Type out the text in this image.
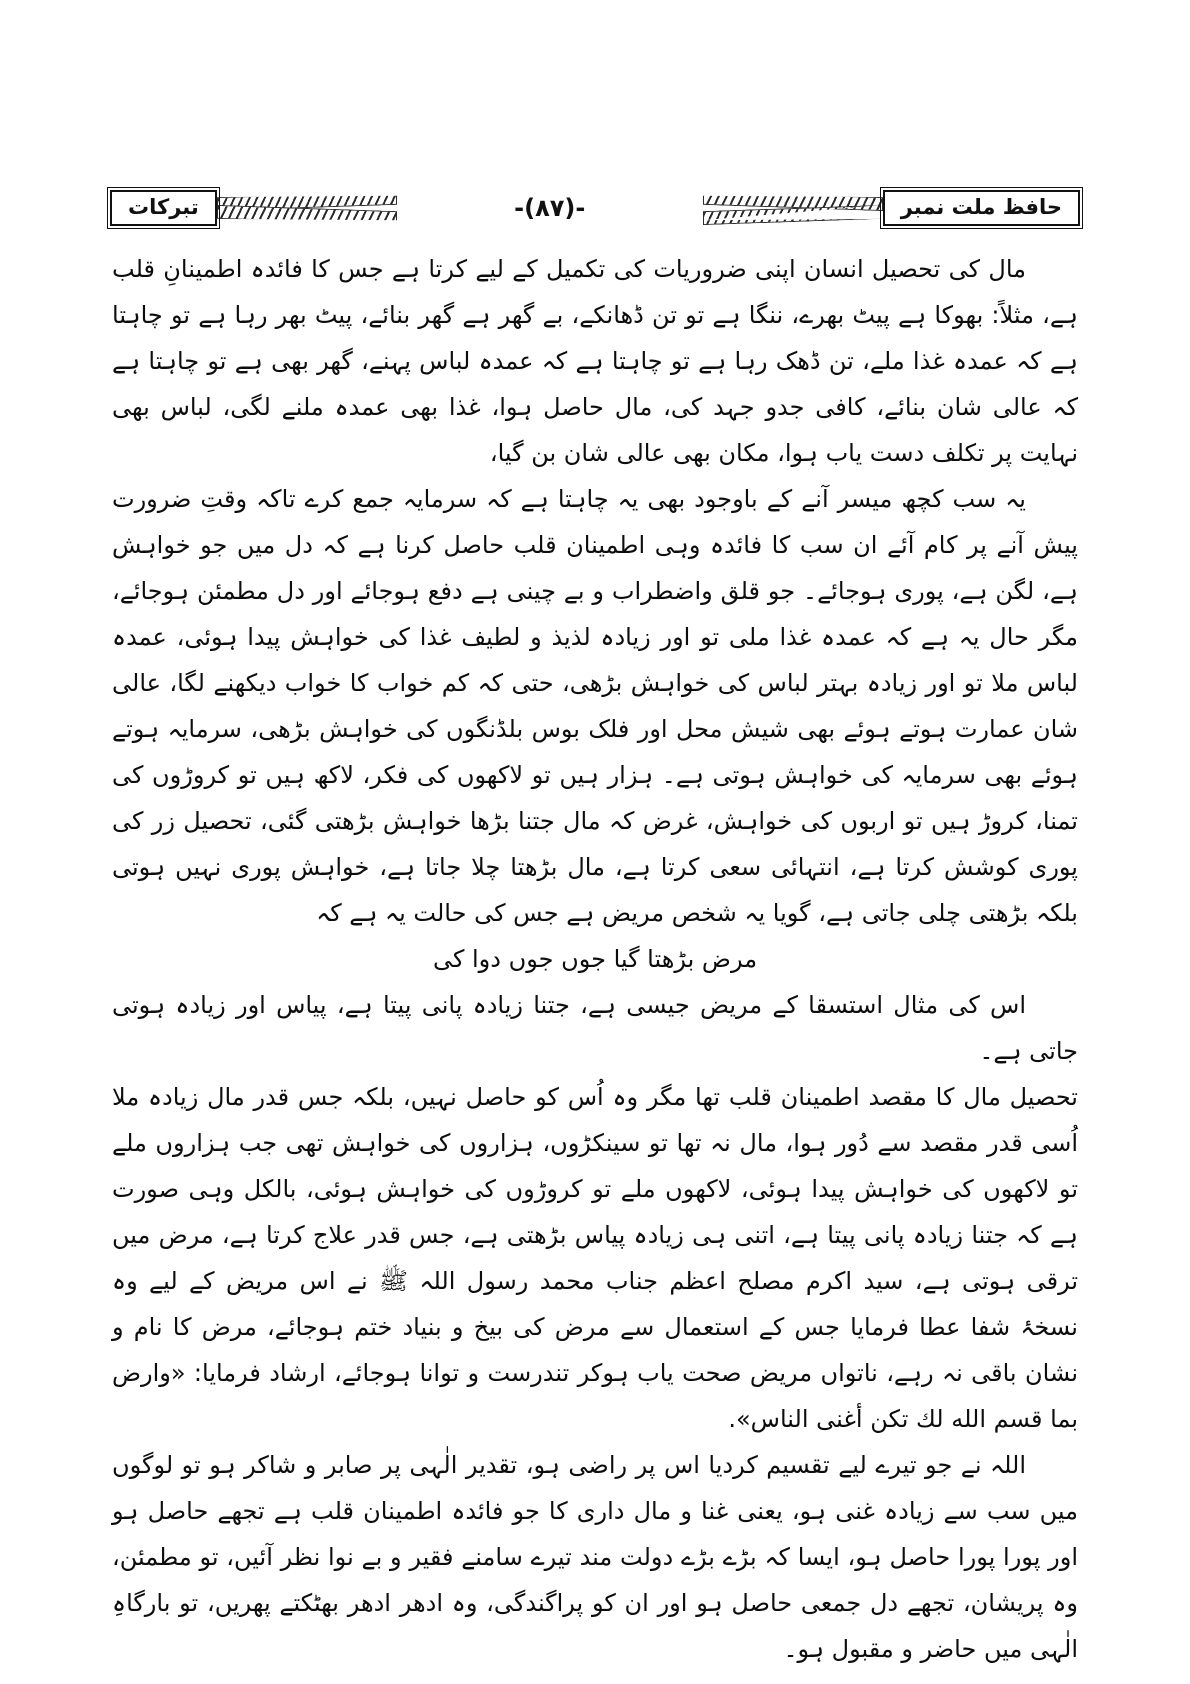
حافظ ملت نمبر
-(۸۷)-
تبرکات

مال کی تحصیل انسان اپنی ضروریات کی تکمیل کے لیے کرتا ہے جس کا فائدہ اطمینانِ قلب ہے، مثلاً: بھوکا ہے پیٹ بھرے، ننگا ہے تو تن ڈھانکے، بے گھر ہے گھر بنائے، پیٹ بھر رہا ہے تو چاہتا ہے کہ عمدہ غذا ملے، تن ڈھک رہا ہے تو چاہتا ہے کہ عمدہ لباس پہنے، گھر بھی ہے تو چاہتا ہے کہ عالی شان بنائے، کافی جدو جہد کی، مال حاصل ہوا، غذا بھی عمدہ ملنے لگی، لباس بھی نہایت پر تکلف دست یاب ہوا، مکان بھی عالی شان بن گیا،

یہ سب کچھ میسر آنے کے باوجود بھی یہ چاہتا ہے کہ سرمایہ جمع کرے تاکہ وقتِ ضرورت پیش آنے پر کام آئے ان سب کا فائدہ وہی اطمینان قلب حاصل کرنا ہے کہ دل میں جو خواہش ہے، لگن ہے، پوری ہوجائے۔ جو قلق واضطراب و بے چینی ہے دفع ہوجائے اور دل مطمئن ہوجائے، مگر حال یہ ہے کہ عمدہ غذا ملی تو اور زیادہ لذیذ و لطیف غذا کی خواہش پیدا ہوئی، عمدہ لباس ملا تو اور زیادہ بہتر لباس کی خواہش بڑھی، حتی کہ کم خواب کا خواب دیکھنے لگا، عالی شان عمارت ہوتے ہوئے بھی شیش محل اور فلک بوس بلڈنگوں کی خواہش بڑھی، سرمایہ ہوتے ہوئے بھی سرمایہ کی خواہش ہوتی ہے۔ ہزار ہیں تو لاکھوں کی فکر، لاکھ ہیں تو کروڑوں کی تمنا، کروڑ ہیں تو اربوں کی خواہش، غرض کہ مال جتنا بڑھا خواہش بڑھتی گئی، تحصیل زر کی پوری کوشش کرتا ہے، انتہائی سعی کرتا ہے، مال بڑھتا چلا جاتا ہے، خواہش پوری نہیں ہوتی بلکہ بڑھتی چلی جاتی ہے، گویا یہ شخص مریض ہے جس کی حالت یہ ہے کہ

مرض بڑھتا گیا جوں جوں دوا کی

اس کی مثال استسقا کے مریض جیسی ہے، جتنا زیادہ پانی پیتا ہے، پیاس اور زیادہ ہوتی جاتی ہے۔

تحصیل مال کا مقصد اطمینان قلب تھا مگر وہ اُس کو حاصل نہیں، بلکہ جس قدر مال زیادہ ملا اُسی قدر مقصد سے دُور ہوا، مال نہ تھا تو سینکڑوں، ہزاروں کی خواہش تھی جب ہزاروں ملے تو لاکھوں کی خواہش پیدا ہوئی، لاکھوں ملے تو کروڑوں کی خواہش ہوئی، بالکل وہی صورت ہے کہ جتنا زیادہ پانی پیتا ہے، اتنی ہی زیادہ پیاس بڑھتی ہے، جس قدر علاج کرتا ہے، مرض میں ترقی ہوتی ہے، سید اکرم مصلح اعظم جناب محمد رسول اللہ ﷺ نے اس مریض کے لیے وہ نسخۂ شفا عطا فرمایا جس کے استعمال سے مرض کی بیخ و بنیاد ختم ہوجائے، مرض کا نام و نشان باقی نہ رہے، ناتواں مریض صحت یاب ہوکر تندرست و توانا ہوجائے، ارشاد فرمایا: «وارض بما قسم الله لك تكن أغنى الناس».

اللہ نے جو تیرے لیے تقسیم کردیا اس پر راضی ہو، تقدیر الٰہی پر صابر و شاکر ہو تو لوگوں میں سب سے زیادہ غنی ہو، یعنی غنا و مال داری کا جو فائدہ اطمینان قلب ہے تجھے حاصل ہو اور پورا پورا حاصل ہو، ایسا کہ بڑے بڑے دولت مند تیرے سامنے فقیر و بے نوا نظر آئیں، تو مطمئن، وہ پریشان، تجھے دل جمعی حاصل ہو اور ان کو پراگندگی، وہ ادھر ادھر بھٹکتے پھریں، تو بارگاہِ الٰہی میں حاضر و مقبول ہو۔
